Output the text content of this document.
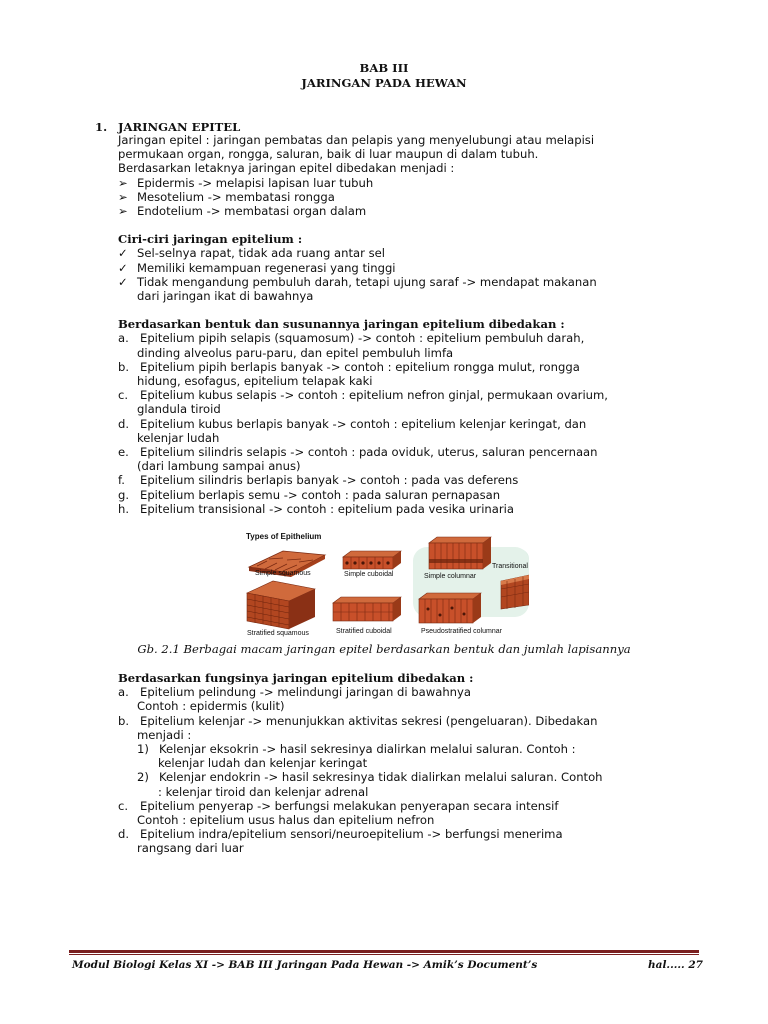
BAB III
JARINGAN PADA HEWAN
1. JARINGAN EPITEL
Jaringan epitel : jaringan pembatas dan pelapis yang menyelubungi atau melapisi
permukaan organ, rongga, saluran, baik di luar maupun di dalam tubuh.
Berdasarkan letaknya jaringan epitel dibedakan menjadi :
➢ Epidermis -> melapisi lapisan luar tubuh
➢ Mesotelium -> membatasi rongga
➢ Endotelium -> membatasi organ dalam
Ciri-ciri jaringan epitelium :
✓ Sel-selnya rapat, tidak ada ruang antar sel
✓ Memiliki kemampuan regenerasi yang tinggi
✓ Tidak mengandung pembuluh darah, tetapi ujung saraf -> mendapat makanan
dari jaringan ikat di bawahnya
Berdasarkan bentuk dan susunannya jaringan epitelium dibedakan :
a. Epitelium pipih selapis (squamosum) -> contoh : epitelium pembuluh darah,
dinding alveolus paru-paru, dan epitel pembuluh limfa
b. Epitelium pipih berlapis banyak -> contoh : epitelium rongga mulut, rongga
hidung, esofagus, epitelium telapak kaki
c. Epitelium kubus selapis -> contoh : epitelium nefron ginjal, permukaan ovarium,
glandula tiroid
d. Epitelium kubus berlapis banyak -> contoh : epitelium kelenjar keringat, dan
kelenjar ludah
e. Epitelium silindris selapis -> contoh : pada oviduk, uterus, saluran pencernaan
(dari lambung sampai anus)
f. Epitelium silindris berlapis banyak -> contoh : pada vas deferens
g. Epitelium berlapis semu -> contoh : pada saluran pernapasan
h. Epitelium transisional -> contoh : epitelium pada vesika urinaria
Types of Epithelium
Simple squamous	Simple cuboidal	Simple columnar
Transitional
Stratified squamous	Stratified cuboidal	Pseudostratified columnar
Gb. 2.1 Berbagai macam jaringan epitel berdasarkan bentuk dan jumlah lapisannya
Berdasarkan fungsinya jaringan epitelium dibedakan :
a. Epitelium pelindung -> melindungi jaringan di bawahnya
Contoh : epidermis (kulit)
b. Epitelium kelenjar -> menunjukkan aktivitas sekresi (pengeluaran). Dibedakan
menjadi :
1) Kelenjar eksokrin -> hasil sekresinya dialirkan melalui saluran. Contoh :
kelenjar ludah dan kelenjar keringat
2) Kelenjar endokrin -> hasil sekresinya tidak dialirkan melalui saluran. Contoh
: kelenjar tiroid dan kelenjar adrenal
c. Epitelium penyerap -> berfungsi melakukan penyerapan secara intensif
Contoh : epitelium usus halus dan epitelium nefron
d. Epitelium indra/epitelium sensori/neuroepitelium -> berfungsi menerima
rangsang dari luar
Modul Biologi Kelas XI -> BAB III Jaringan Pada Hewan -> Amik’s Document’s	hal..... 27
